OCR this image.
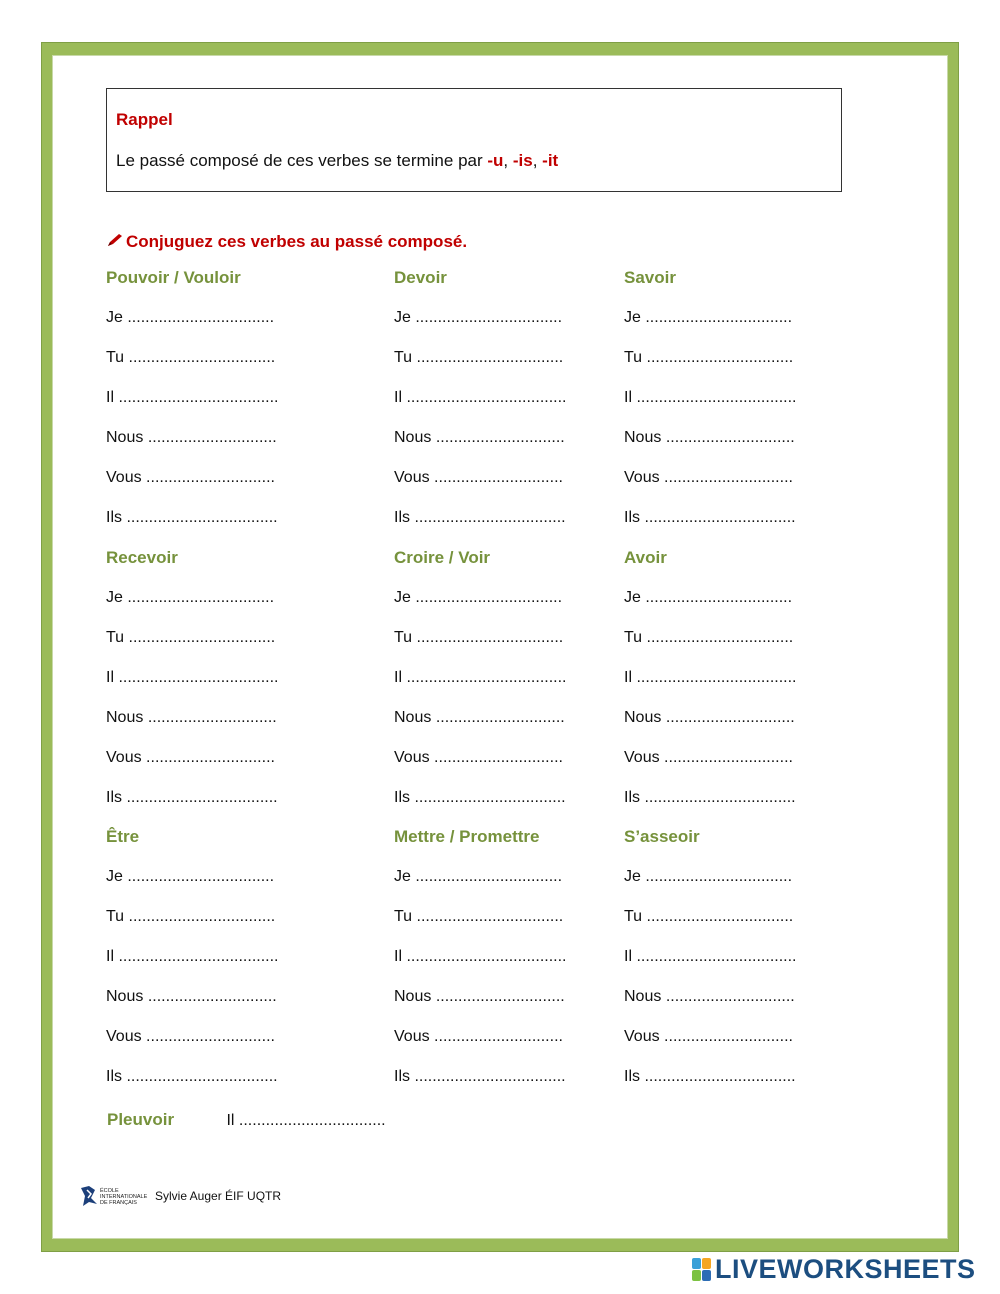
Rappel
Le passé composé de ces verbes se termine par -u, -is, -it
Conjuguez ces verbes au passé composé.
Pouvoir / Vouloir
Je .................................
Tu .................................
Il ....................................
Nous .............................
Vous .............................
Ils ..................................
Devoir
Je .................................
Tu .................................
Il ....................................
Nous .............................
Vous .............................
Ils ..................................
Savoir
Je .................................
Tu .................................
Il ....................................
Nous .............................
Vous .............................
Ils ..................................
Recevoir
Je .................................
Tu .................................
Il ....................................
Nous .............................
Vous .............................
Ils ..................................
Croire / Voir
Je .................................
Tu .................................
Il ....................................
Nous .............................
Vous .............................
Ils ..................................
Avoir
Je .................................
Tu .................................
Il ....................................
Nous .............................
Vous .............................
Ils ..................................
Être
Je .................................
Tu .................................
Il ....................................
Nous .............................
Vous .............................
Ils ..................................
Mettre / Promettre
Je .................................
Tu .................................
Il ....................................
Nous .............................
Vous .............................
Ils ..................................
S’asseoir
Je .................................
Tu .................................
Il ....................................
Nous .............................
Vous .............................
Ils ..................................
Pleuvoir	Il .................................
ÉCOLE
INTERNATIONALE
DE FRANÇAIS Sylvie Auger ÉIF UQTR
LIVEWORKSHEETS
